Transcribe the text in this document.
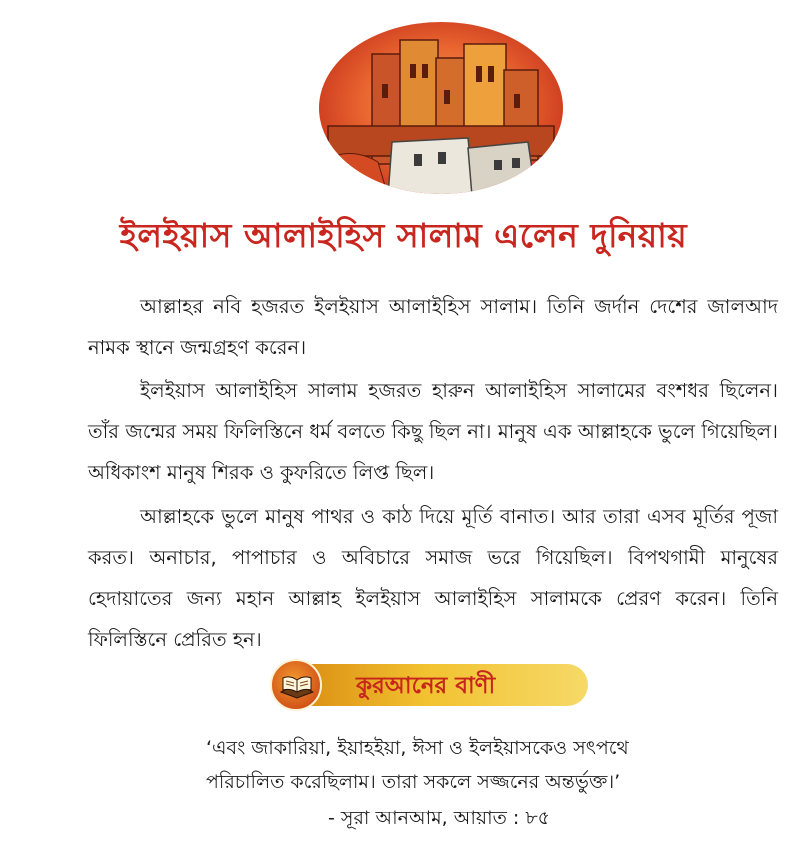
ইলইয়াস আলাইহিস সালাম এলেন দুনিয়ায়

আল্লাহর নবি হজরত ইলইয়াস আলাইহিস সালাম। তিনি জর্দান দেশের জালআদ নামক স্থানে জন্মগ্রহণ করেন।

ইলইয়াস আলাইহিস সালাম হজরত হারুন আলাইহিস সালামের বংশধর ছিলেন। তাঁর জন্মের সময় ফিলিস্তিনে ধর্ম বলতে কিছু ছিল না। মানুষ এক আল্লাহকে ভুলে গিয়েছিল। অধিকাংশ মানুষ শিরক ও কুফরিতে লিপ্ত ছিল।

আল্লাহকে ভুলে মানুষ পাথর ও কাঠ দিয়ে মূর্তি বানাত। আর তারা এসব মূর্তির পূজা করত। অনাচার, পাপাচার ও অবিচারে সমাজ ভরে গিয়েছিল। বিপথগামী মানুষের হেদায়াতের জন্য মহান আল্লাহ ইলইয়াস আলাইহিস সালামকে প্রেরণ করেন। তিনি ফিলিস্তিনে প্রেরিত হন।

কুরআনের বাণী
‘এবং জাকারিয়া, ইয়াহইয়া, ঈসা ও ইলইয়াসকেও সৎপথে
পরিচালিত করেছিলাম। তারা সকলে সজ্জনের অন্তর্ভুক্ত।’
- সূরা আনআম, আয়াত : ৮৫
